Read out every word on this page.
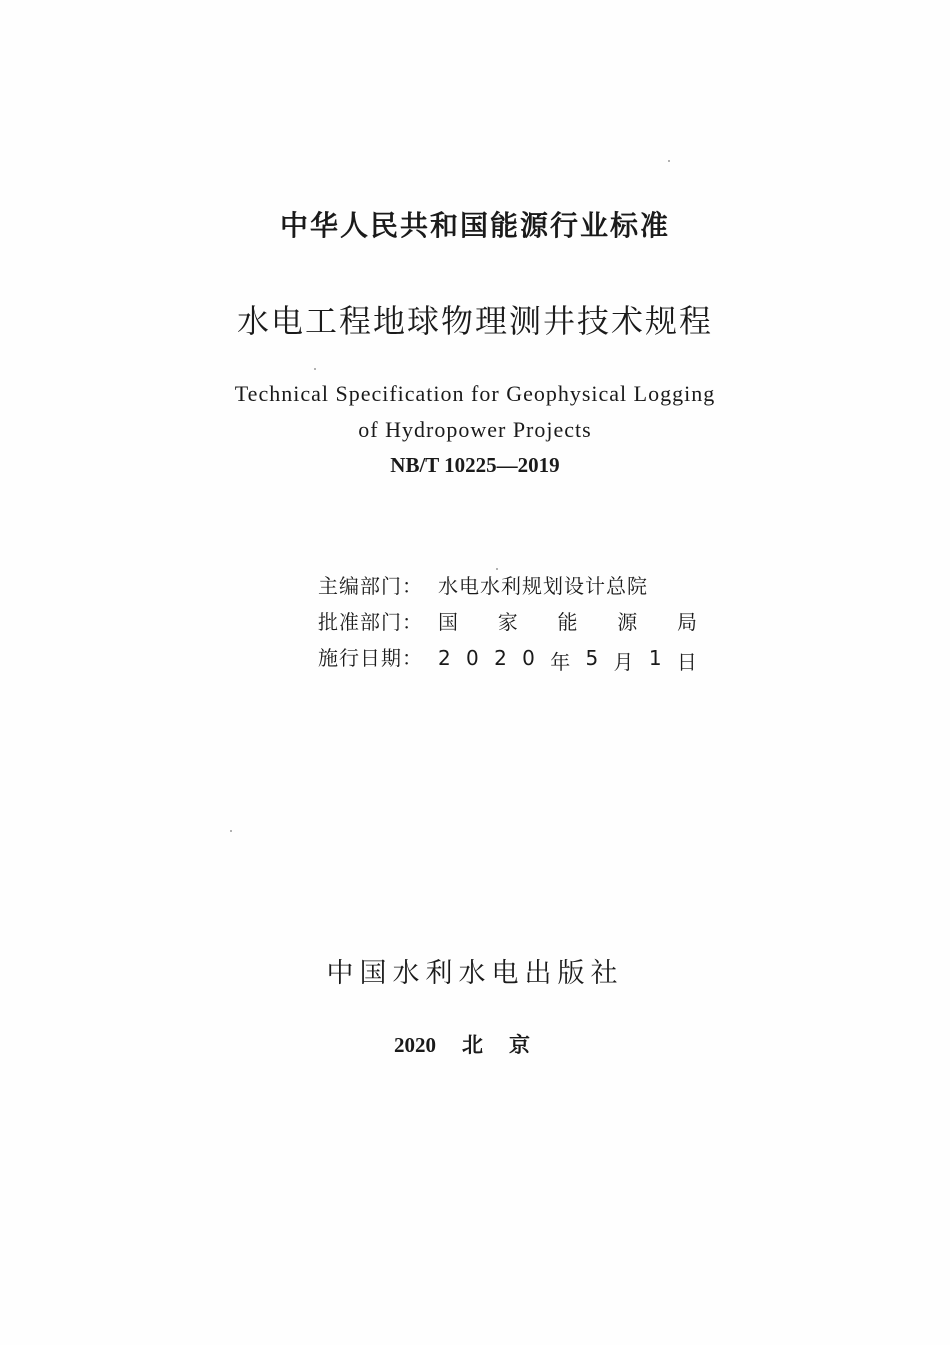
中华人民共和国能源行业标准
水电工程地球物理测井技术规程
Technical Specification for Geophysical Logging
of Hydropower Projects
NB/T 10225—2019
主编部门： 水电水利规划设计总院
批准部门： 国 家 能 源 局
施行日期： 2 0 2 0 年 5 月 1 日
中国水利水电出版社
2020 北京
